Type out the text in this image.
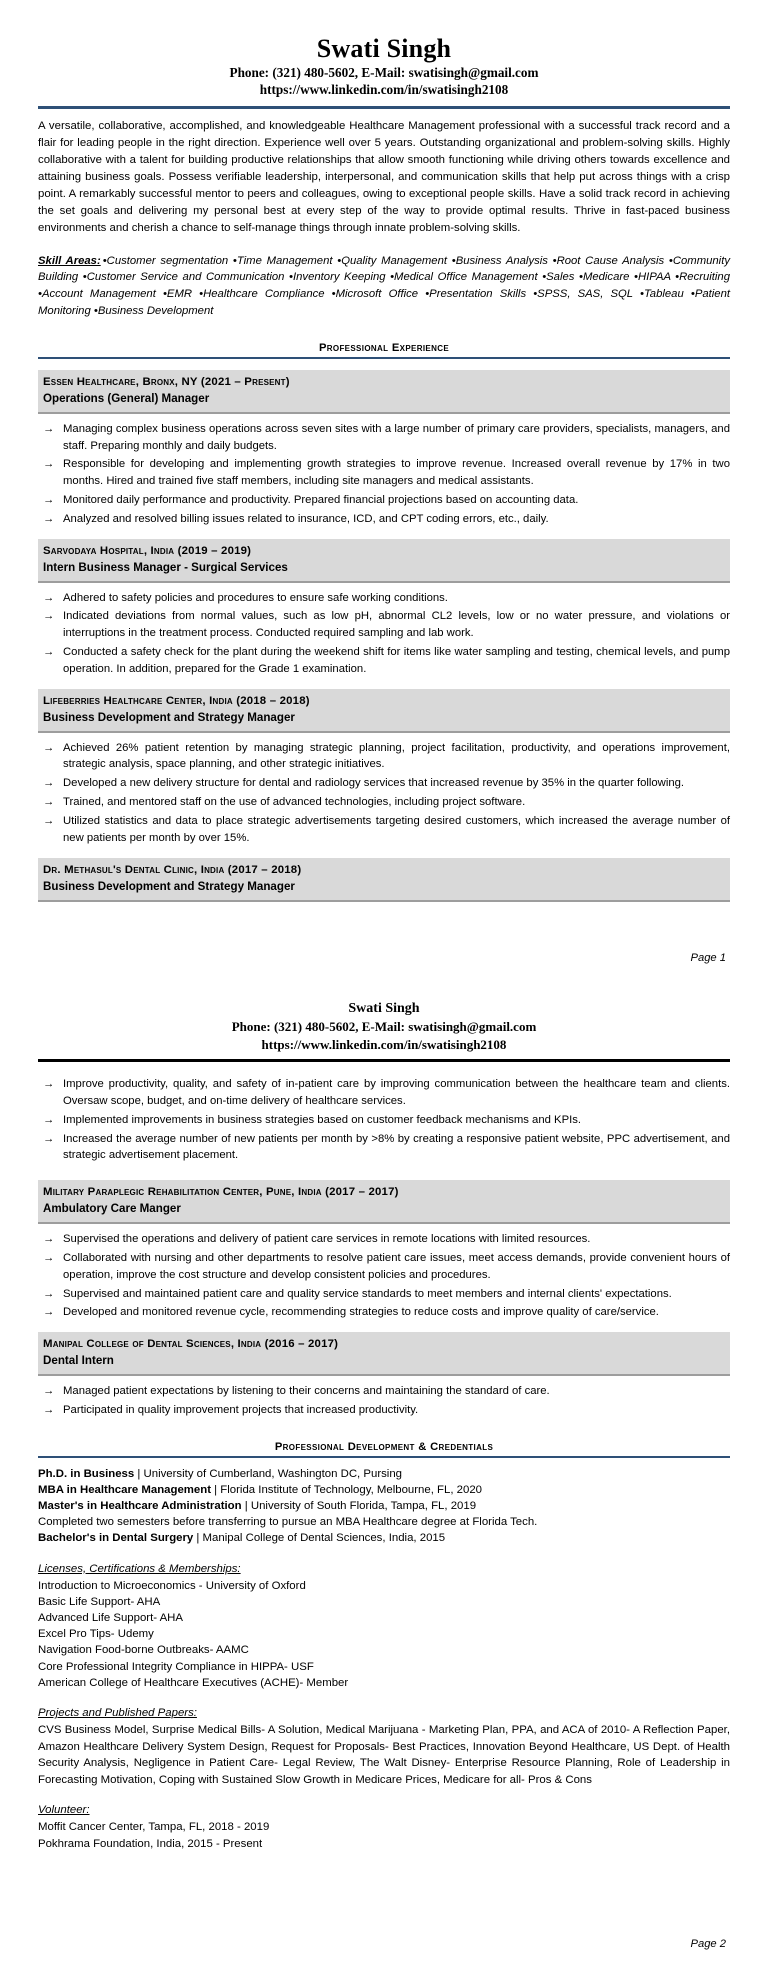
Swati Singh
Phone: (321) 480-5602, E-Mail: swatisingh@gmail.com
https://www.linkedin.com/in/swatisingh2108
A versatile, collaborative, accomplished, and knowledgeable Healthcare Management professional with a successful track record and a flair for leading people in the right direction. Experience well over 5 years. Outstanding organizational and problem-solving skills. Highly collaborative with a talent for building productive relationships that allow smooth functioning while driving others towards excellence and attaining business goals. Possess verifiable leadership, interpersonal, and communication skills that help put across things with a crisp point. A remarkably successful mentor to peers and colleagues, owing to exceptional people skills. Have a solid track record in achieving the set goals and delivering my personal best at every step of the way to provide optimal results. Thrive in fast-paced business environments and cherish a chance to self-manage things through innate problem-solving skills.
Skill Areas: •Customer segmentation •Time Management •Quality Management •Business Analysis •Root Cause Analysis •Community Building •Customer Service and Communication •Inventory Keeping •Medical Office Management •Sales •Medicare •HIPAA •Recruiting •Account Management •EMR •Healthcare Compliance •Microsoft Office •Presentation Skills •SPSS, SAS, SQL •Tableau •Patient Monitoring •Business Development
Professional Experience
Essen Healthcare, Bronx, NY (2021 – Present)
Operations (General) Manager
→ Managing complex business operations across seven sites with a large number of primary care providers, specialists, managers, and staff. Preparing monthly and daily budgets.
→ Responsible for developing and implementing growth strategies to improve revenue. Increased overall revenue by 17% in two months. Hired and trained five staff members, including site managers and medical assistants.
→ Monitored daily performance and productivity. Prepared financial projections based on accounting data.
→ Analyzed and resolved billing issues related to insurance, ICD, and CPT coding errors, etc., daily.
Sarvodaya Hospital, India (2019 – 2019)
Intern Business Manager - Surgical Services
→ Adhered to safety policies and procedures to ensure safe working conditions.
→ Indicated deviations from normal values, such as low pH, abnormal CL2 levels, low or no water pressure, and violations or interruptions in the treatment process. Conducted required sampling and lab work.
→ Conducted a safety check for the plant during the weekend shift for items like water sampling and testing, chemical levels, and pump operation. In addition, prepared for the Grade 1 examination.
Lifeberries Healthcare Center, India (2018 – 2018)
Business Development and Strategy Manager
→ Achieved 26% patient retention by managing strategic planning, project facilitation, productivity, and operations improvement, strategic analysis, space planning, and other strategic initiatives.
→ Developed a new delivery structure for dental and radiology services that increased revenue by 35% in the quarter following.
→ Trained, and mentored staff on the use of advanced technologies, including project software.
→ Utilized statistics and data to place strategic advertisements targeting desired customers, which increased the average number of new patients per month by over 15%.
Dr. Methasul's Dental Clinic, India (2017 – 2018)
Business Development and Strategy Manager
Page 1
Swati Singh
Phone: (321) 480-5602, E-Mail: swatisingh@gmail.com
https://www.linkedin.com/in/swatisingh2108
→ Improve productivity, quality, and safety of in-patient care by improving communication between the healthcare team and clients. Oversaw scope, budget, and on-time delivery of healthcare services.
→ Implemented improvements in business strategies based on customer feedback mechanisms and KPIs.
→ Increased the average number of new patients per month by >8% by creating a responsive patient website, PPC advertisement, and strategic advertisement placement.
Military Paraplegic Rehabilitation Center, Pune, India (2017 – 2017)
Ambulatory Care Manger
→ Supervised the operations and delivery of patient care services in remote locations with limited resources.
→ Collaborated with nursing and other departments to resolve patient care issues, meet access demands, provide convenient hours of operation, improve the cost structure and develop consistent policies and procedures.
→ Supervised and maintained patient care and quality service standards to meet members and internal clients' expectations.
→ Developed and monitored revenue cycle, recommending strategies to reduce costs and improve quality of care/service.
Manipal College of Dental Sciences, India (2016 – 2017)
Dental Intern
→ Managed patient expectations by listening to their concerns and maintaining the standard of care.
→ Participated in quality improvement projects that increased productivity.
Professional Development & Credentials
Ph.D. in Business | University of Cumberland, Washington DC, Pursing
MBA in Healthcare Management | Florida Institute of Technology, Melbourne, FL, 2020
Master's in Healthcare Administration | University of South Florida, Tampa, FL, 2019
Completed two semesters before transferring to pursue an MBA Healthcare degree at Florida Tech.
Bachelor's in Dental Surgery | Manipal College of Dental Sciences, India, 2015
Licenses, Certifications & Memberships:
Introduction to Microeconomics - University of Oxford
Basic Life Support- AHA
Advanced Life Support- AHA
Excel Pro Tips- Udemy
Navigation Food-borne Outbreaks- AAMC
Core Professional Integrity Compliance in HIPPA- USF
American College of Healthcare Executives (ACHE)- Member
Projects and Published Papers:
CVS Business Model, Surprise Medical Bills- A Solution, Medical Marijuana - Marketing Plan, PPA, and ACA of 2010- A Reflection Paper, Amazon Healthcare Delivery System Design, Request for Proposals- Best Practices, Innovation Beyond Healthcare, US Dept. of Health Security Analysis, Negligence in Patient Care- Legal Review, The Walt Disney- Enterprise Resource Planning, Role of Leadership in Forecasting Motivation, Coping with Sustained Slow Growth in Medicare Prices, Medicare for all- Pros & Cons
Volunteer:
Moffit Cancer Center, Tampa, FL, 2018 - 2019
Pokhrama Foundation, India, 2015 - Present
Page 2
